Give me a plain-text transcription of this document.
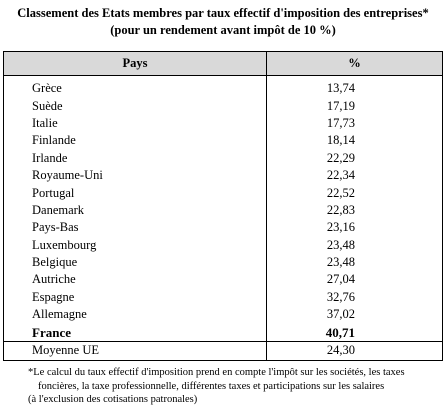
Classement des Etats membres par taux effectif d'imposition des entreprises*

(pour un rendement avant impôt de 10 %)

Pays	%
Grèce	13,74
Suède	17,19
Italie	17,73
Finlande	18,14
Irlande	22,29
Royaume-Uni	22,34
Portugal	22,52
Danemark	22,83
Pays-Bas	23,16
Luxembourg	23,48
Belgique	23,48
Autriche	27,04
Espagne	32,76
Allemagne	37,02
France	40,71
Moyenne UE	24,30
*Le calcul du taux effectif d'imposition prend en compte l'impôt sur les sociétés, les taxes
foncières, la taxe professionnelle, différentes taxes et participations sur les salaires
(à l'exclusion des cotisations patronales)
